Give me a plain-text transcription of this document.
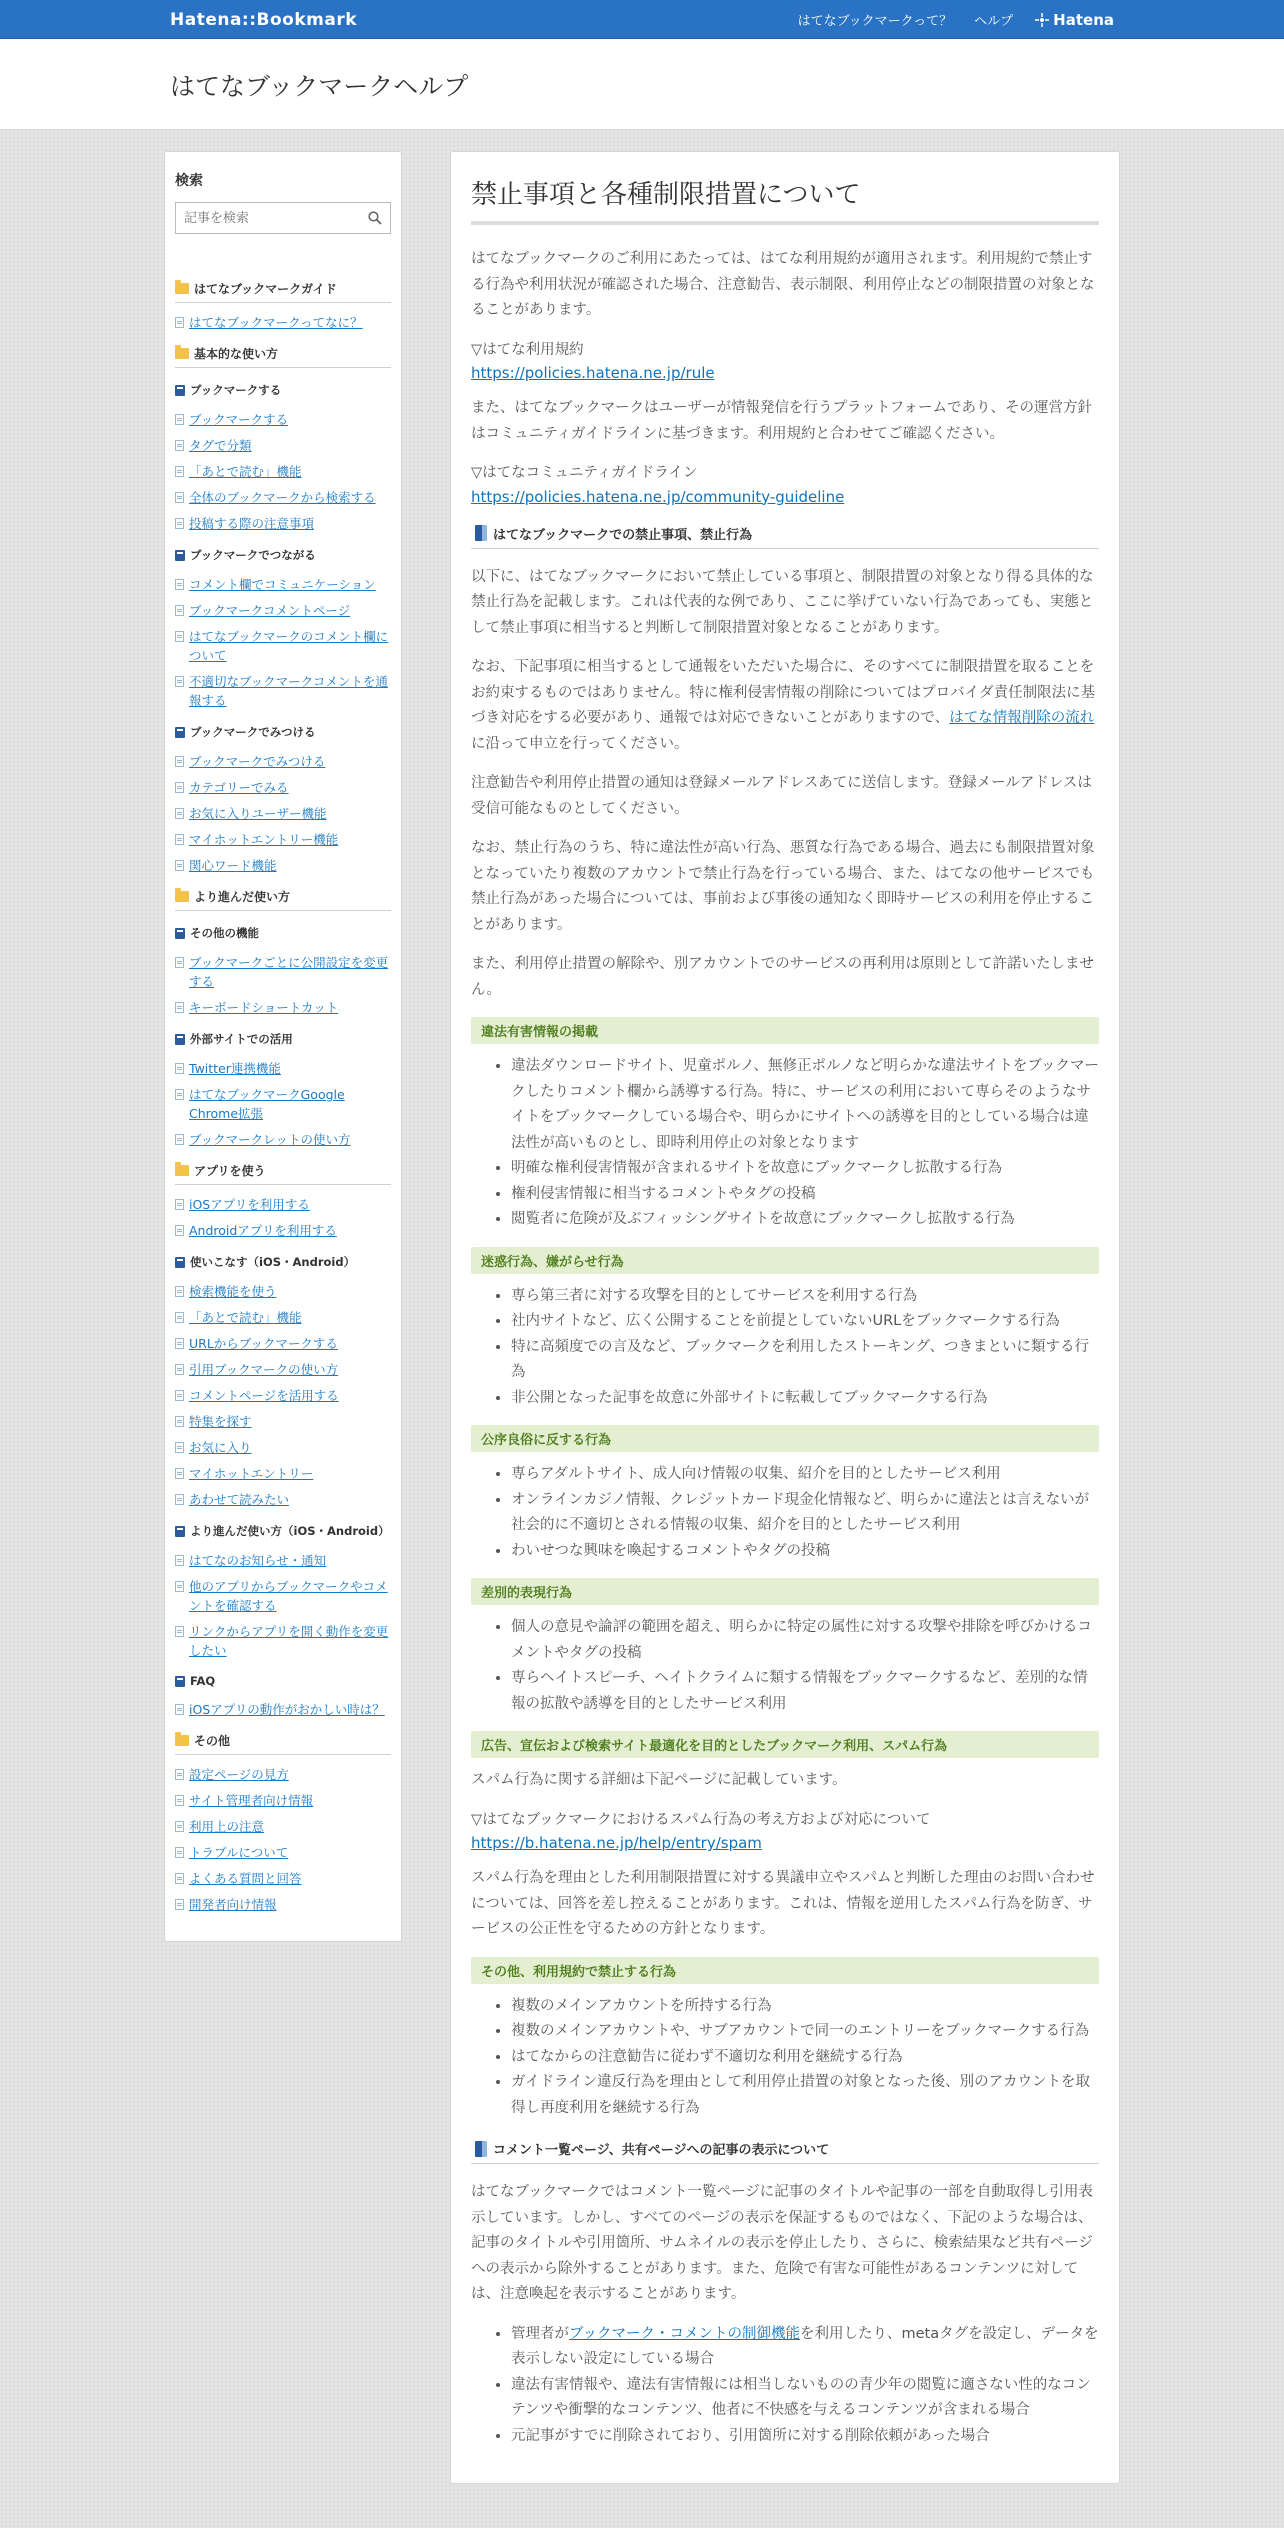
Hatena::Bookmark	はてなブックマークって？ ヘルプ	Hatena
はてなブックマークヘルプ
検索
記事を検索
はてなブックマークガイド
はてなブックマークってなに？
基本的な使い方
ブックマークする
ブックマークする
タグで分類
「あとで読む」機能
全体のブックマークから検索する
投稿する際の注意事項
ブックマークでつながる
コメント欄でコミュニケーション
ブックマークコメントページ
はてなブックマークのコメント欄について
不適切なブックマークコメントを通報する
ブックマークでみつける
ブックマークでみつける
カテゴリーでみる
お気に入りユーザー機能
マイホットエントリー機能
関心ワード機能
より進んだ使い方
その他の機能
ブックマークごとに公開設定を変更する
キーボードショートカット
外部サイトでの活用
Twitter連携機能
はてなブックマークGoogle Chrome拡張
ブックマークレットの使い方
アプリを使う
iOSアプリを利用する
Androidアプリを利用する
使いこなす（iOS・Android）
検索機能を使う
「あとで読む」機能
URLからブックマークする
引用ブックマークの使い方
コメントページを活用する
特集を探す
お気に入り
マイホットエントリー
あわせて読みたい
より進んだ使い方（iOS・Android）
はてなのお知らせ・通知
他のアプリからブックマークやコメントを確認する
リンクからアプリを開く動作を変更したい
FAQ
iOSアプリの動作がおかしい時は？
その他
設定ページの見方
サイト管理者向け情報
利用上の注意
トラブルについて
よくある質問と回答
開発者向け情報
禁止事項と各種制限措置について

はてなブックマークのご利用にあたっては、はてな利用規約が適用されます。利用規約で禁止する行為や利用状況が確認された場合、注意勧告、表示制限、利用停止などの制限措置の対象となることがあります。

▽はてな利用規約

https://policies.hatena.ne.jp/rule

また、はてなブックマークはユーザーが情報発信を行うプラットフォームであり、その運営方針はコミュニティガイドラインに基づきます。利用規約と合わせてご確認ください。

▽はてなコミュニティガイドライン

https://policies.hatena.ne.jp/community-guideline
はてなブックマークでの禁止事項、禁止行為

以下に、はてなブックマークにおいて禁止している事項と、制限措置の対象となり得る具体的な禁止行為を記載します。これは代表的な例であり、ここに挙げていない行為であっても、実態として禁止事項に相当すると判断して制限措置対象となることがあります。

なお、下記事項に相当するとして通報をいただいた場合に、そのすべてに制限措置を取ることをお約束するものではありません。特に権利侵害情報の削除についてはプロバイダ責任制限法に基づき対応をする必要があり、通報では対応できないことがありますので、はてな情報削除の流れに沿って申立を行ってください。

注意勧告や利用停止措置の通知は登録メールアドレスあてに送信します。登録メールアドレスは受信可能なものとしてください。

なお、禁止行為のうち、特に違法性が高い行為、悪質な行為である場合、過去にも制限措置対象となっていたり複数のアカウントで禁止行為を行っている場合、また、はてなの他サービスでも禁止行為があった場合については、事前および事後の通知なく即時サービスの利用を停止することがあります。

また、利用停止措置の解除や、別アカウントでのサービスの再利用は原則として許諾いたしません。

違法有害情報の掲載
• 違法ダウンロードサイト、児童ポルノ、無修正ポルノなど明らかな違法サイトをブックマークしたりコメント欄から誘導する行為。特に、サービスの利用において専らそのようなサイトをブックマークしている場合や、明らかにサイトへの誘導を目的としている場合は違法性が高いものとし、即時利用停止の対象となります
• 明確な権利侵害情報が含まれるサイトを故意にブックマークし拡散する行為
• 権利侵害情報に相当するコメントやタグの投稿
• 閲覧者に危険が及ぶフィッシングサイトを故意にブックマークし拡散する行為
迷惑行為、嫌がらせ行為
• 専ら第三者に対する攻撃を目的としてサービスを利用する行為
• 社内サイトなど、広く公開することを前提としていないURLをブックマークする行為
• 特に高頻度での言及など、ブックマークを利用したストーキング、つきまといに類する行為
• 非公開となった記事を故意に外部サイトに転載してブックマークする行為
公序良俗に反する行為
• 専らアダルトサイト、成人向け情報の収集、紹介を目的としたサービス利用
• オンラインカジノ情報、クレジットカード現金化情報など、明らかに違法とは言えないが社会的に不適切とされる情報の収集、紹介を目的としたサービス利用
• わいせつな興味を喚起するコメントやタグの投稿
差別的表現行為
• 個人の意見や論評の範囲を超え、明らかに特定の属性に対する攻撃や排除を呼びかけるコメントやタグの投稿
• 専らヘイトスピーチ、ヘイトクライムに類する情報をブックマークするなど、差別的な情報の拡散や誘導を目的としたサービス利用
広告、宣伝および検索サイト最適化を目的としたブックマーク利用、スパム行為

スパム行為に関する詳細は下記ページに記載しています。

▽はてなブックマークにおけるスパム行為の考え方および対応について

https://b.hatena.ne.jp/help/entry/spam

スパム行為を理由とした利用制限措置に対する異議申立やスパムと判断した理由のお問い合わせについては、回答を差し控えることがあります。これは、情報を逆用したスパム行為を防ぎ、サービスの公正性を守るための方針となります。

その他、利用規約で禁止する行為
• 複数のメインアカウントを所持する行為
• 複数のメインアカウントや、サブアカウントで同一のエントリーをブックマークする行為
• はてなからの注意勧告に従わず不適切な利用を継続する行為
• ガイドライン違反行為を理由として利用停止措置の対象となった後、別のアカウントを取得し再度利用を継続する行為
コメント一覧ページ、共有ページへの記事の表示について

はてなブックマークではコメント一覧ページに記事のタイトルや記事の一部を自動取得し引用表示しています。しかし、すべてのページの表示を保証するものではなく、下記のような場合は、記事のタイトルや引用箇所、サムネイルの表示を停止したり、さらに、検索結果など共有ページへの表示から除外することがあります。また、危険で有害な可能性があるコンテンツに対しては、注意喚起を表示することがあります。

• 管理者がブックマーク・コメントの制御機能を利用したり、metaタグを設定し、データを表示しない設定にしている場合
• 違法有害情報や、違法有害情報には相当しないものの青少年の閲覧に適さない性的なコンテンツや衝撃的なコンテンツ、他者に不快感を与えるコンテンツが含まれる場合
• 元記事がすでに削除されており、引用箇所に対する削除依頼があった場合
